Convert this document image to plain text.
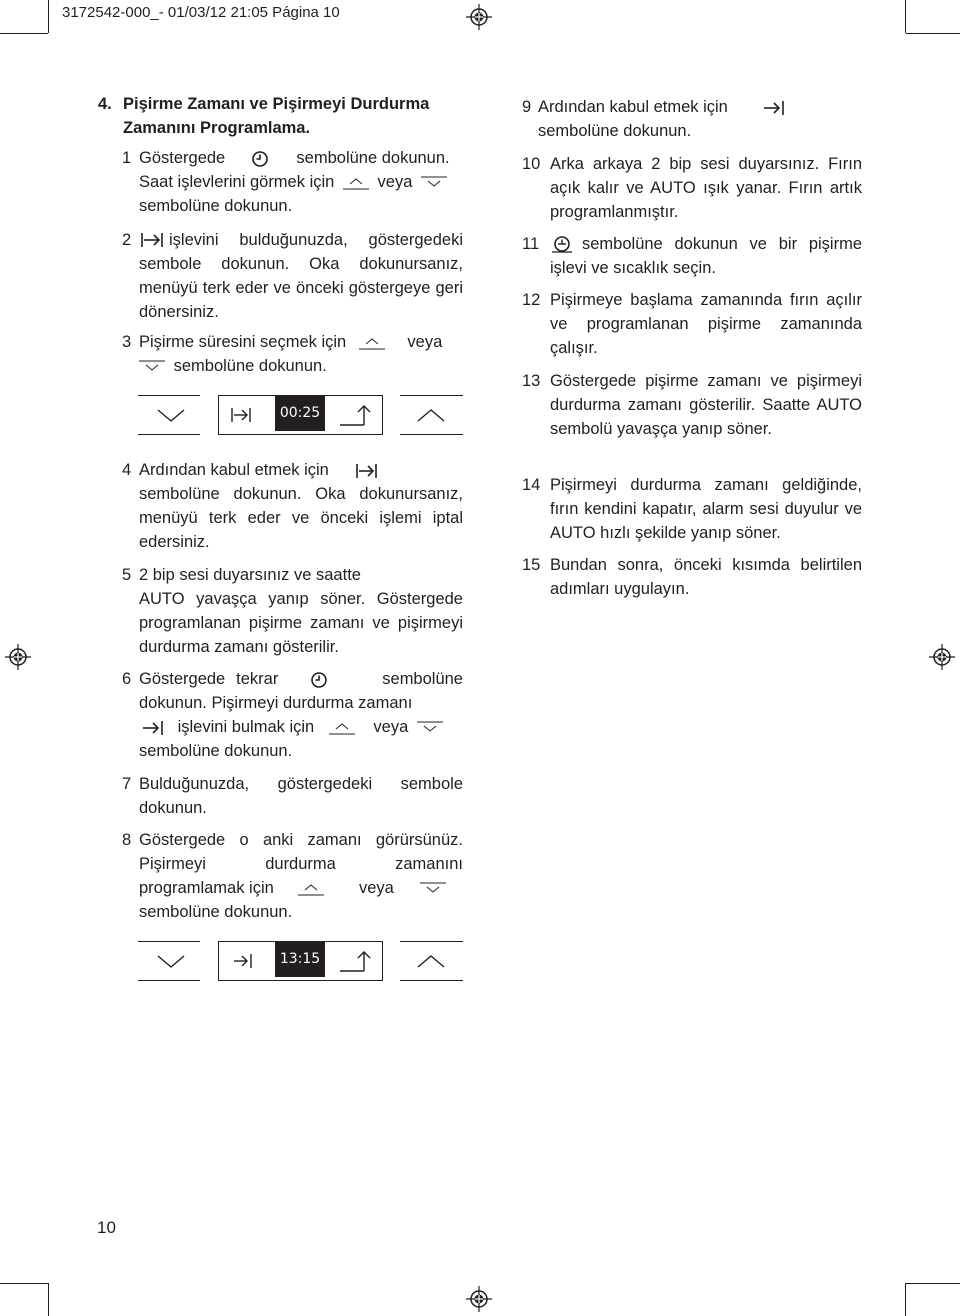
3172542-000_- 01/03/12 21:05 Página 10
4. Pişirme Zamanı ve Pişirmeyi Durdurma Zamanını Programlama.
1 Göstergede	sembolüne dokunun.
Saat işlevlerini görmek için	veya
sembolüne dokunun.
2	işlevini bulduğunuzda, göstergedeki sembole dokunun. Oka dokunursanız, menüyü terk eder ve önceki göstergeye geri dönersiniz.
3 Pişirme süresini seçmek için	veya
sembolüne dokunun.
00:25
4 Ardından kabul etmek için
sembolüne dokunun. Oka dokunursanız, menüyü terk eder ve önceki işlemi iptal edersiniz.
5 2 bip sesi duyarsınız ve saatte
AUTO yavaşça yanıp söner. Göstergede programlanan pişirme zamanı ve pişirmeyi durdurma zamanı gösterilir.
6 Göstergede tekrar	sembolüne dokunun. Pişirmeyi durdurma zamanı
işlevini bulmak için	veya
sembolüne dokunun.
7 Bulduğunuzda, göstergedeki sembole dokunun.
8 Göstergede o anki zamanı görürsünüz. Pişirmeyi durdurma zamanını programlamak için	veya
sembolüne dokunun.
13:15
9 Ardından kabul etmek için
sembolüne dokunun.
10 Arka arkaya 2 bip sesi duyarsınız. Fırın açık kalır ve AUTO ışık yanar. Fırın artık programlanmıştır.
11	sembolüne dokunun ve bir pişirme işlevi ve sıcaklık seçin.
12 Pişirmeye başlama zamanında fırın açılır ve programlanan pişirme zamanında çalışır.
13 Göstergede pişirme zamanı ve pişirmeyi durdurma zamanı gösterilir. Saatte AUTO sembolü yavaşça yanıp söner.
14 Pişirmeyi durdurma zamanı geldiğinde, fırın kendini kapatır, alarm sesi duyulur ve AUTO hızlı şekilde yanıp söner.
15 Bundan sonra, önceki kısımda belirtilen adımları uygulayın.
10
